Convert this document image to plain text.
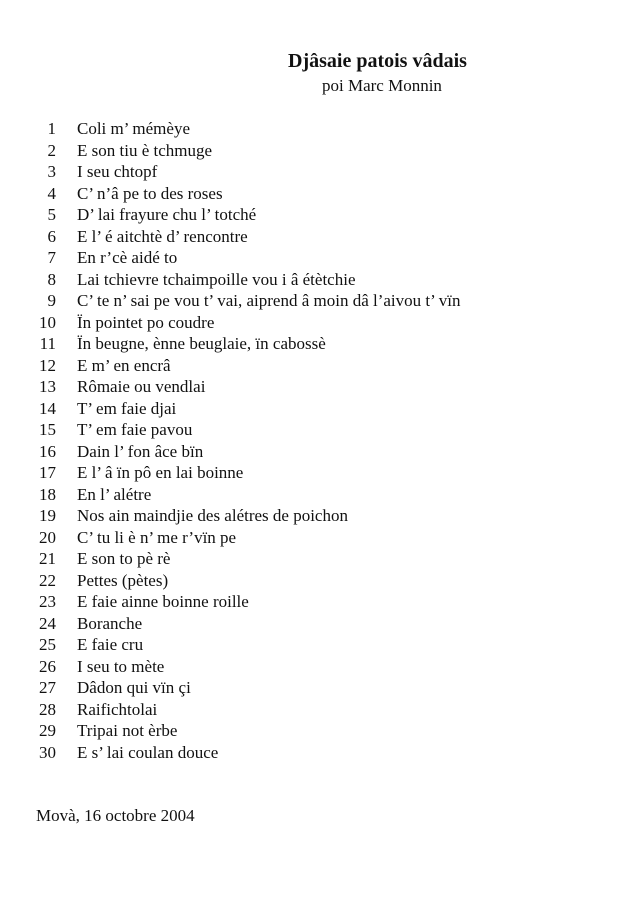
Djâsaie patois vâdais
poi Marc Monnin
1 Coli m’ mémèye
2 E son tiu è tchmuge
3 I seu chtopf
4 C’ n’â pe to des roses
5 D’ lai frayure chu l’ totché
6 E l’ é aitchtè d’ rencontre
7 En r’cè aidé to
8 Lai tchievre tchaimpoille vou i â étètchie
9 C’ te n’ sai pe vou t’ vai, aiprend â moin dâ l’aivou t’ vïn
10 Ïn pointet po coudre
11 Ïn beugne, ènne beuglaie, ïn cabossè
12 E m’ en encrâ
13 Rômaie ou vendlai
14 T’ em faie djai
15 T’ em faie pavou
16 Dain l’ fon âce bïn
17 E l’ â ïn pô en lai boinne
18 En l’ alétre
19 Nos ain maindjie des alétres de poichon
20 C’ tu li è n’ me r’vïn pe
21 E son to pè rè
22 Pettes (pètes)
23 E faie ainne boinne roille
24 Boranche
25 E faie cru
26 I seu to mète
27 Dâdon qui vïn çi
28 Raifichtolai
29 Tripai not èrbe
30 E s’ lai coulan douce
Movà, 16 octobre 2004
